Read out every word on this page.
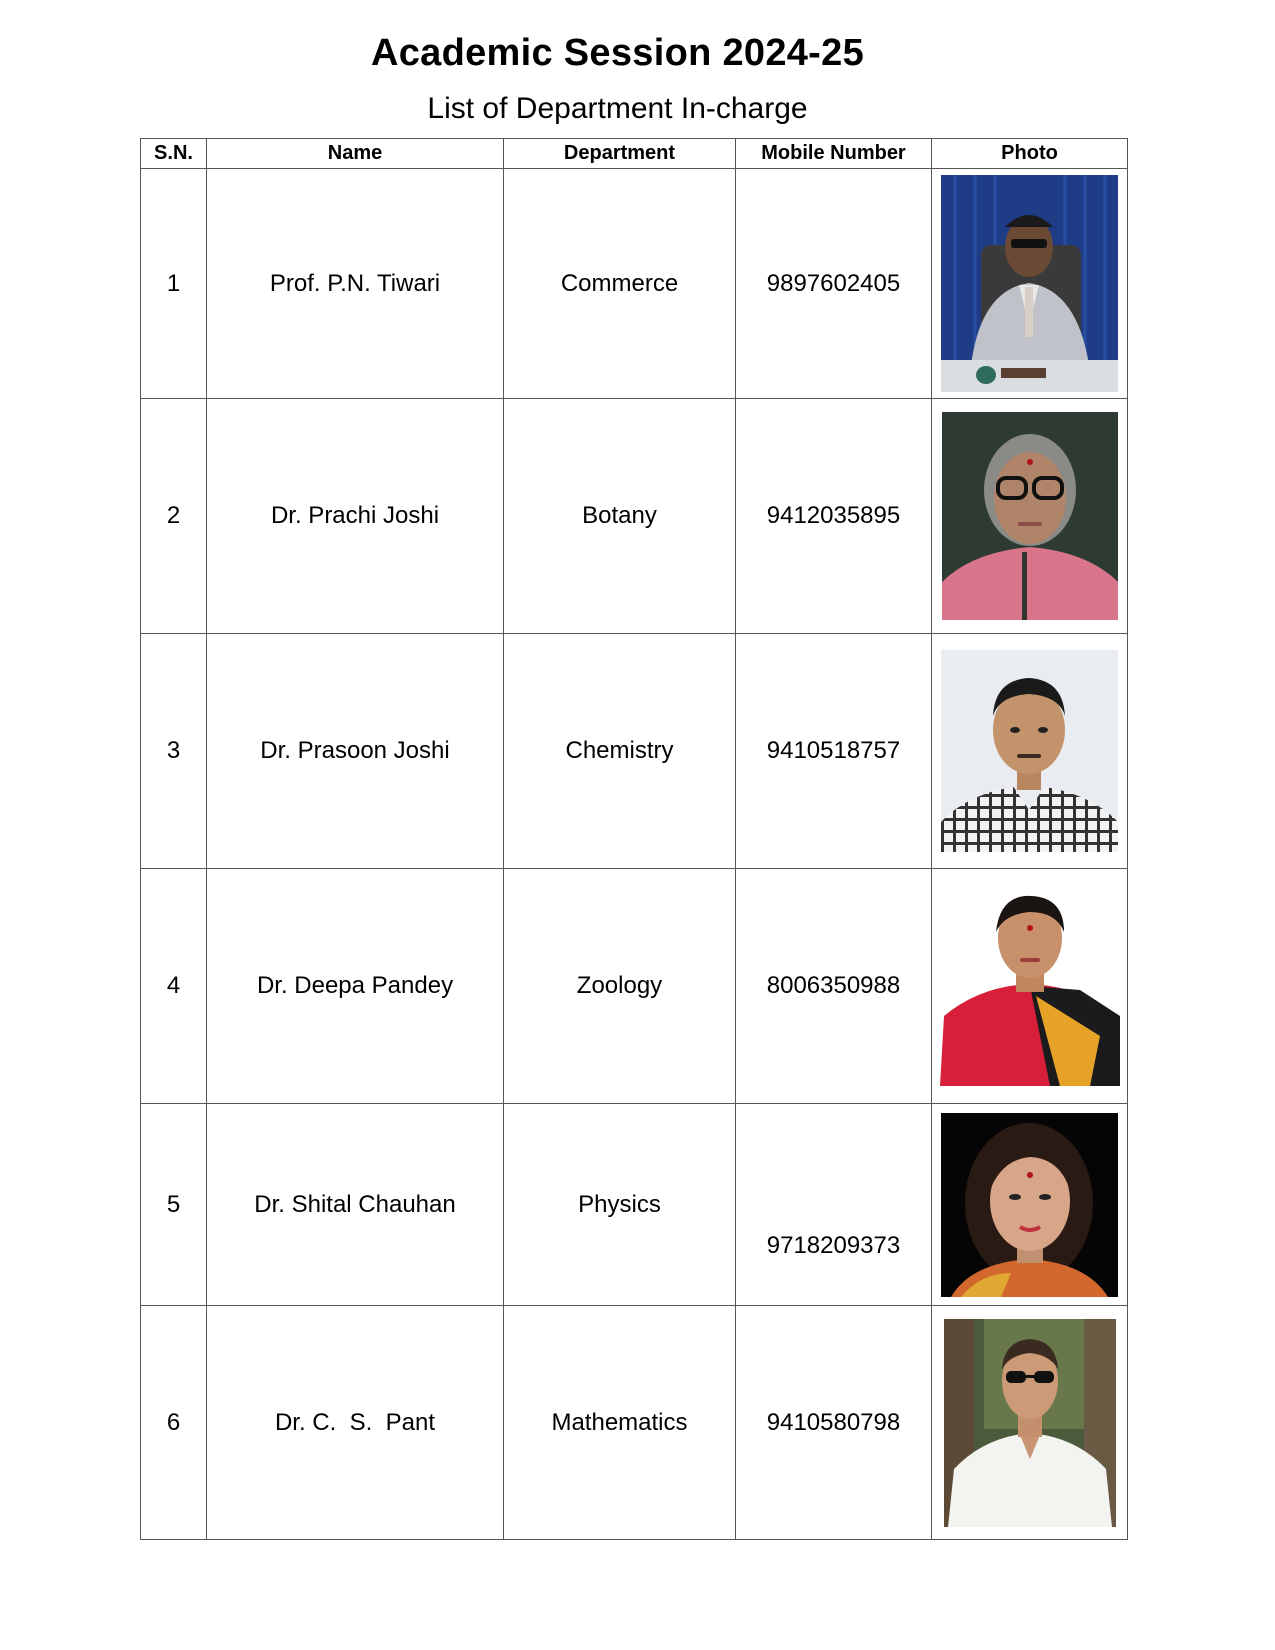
Academic Session 2024-25
List of Department In-charge
S.N.	Name	Department	Mobile Number	Photo
1	Prof. P.N. Tiwari	Commerce	9897602405	

2	Dr. Prachi Joshi	Botany	9412035895	

3	Dr. Prasoon Joshi	Chemistry	9410518757	

4	Dr. Deepa Pandey	Zoology	8006350988	

5	Dr. Shital Chauhan	Physics	9718209373

6	Dr. C.  S.  Pant	Mathematics	9410580798	
